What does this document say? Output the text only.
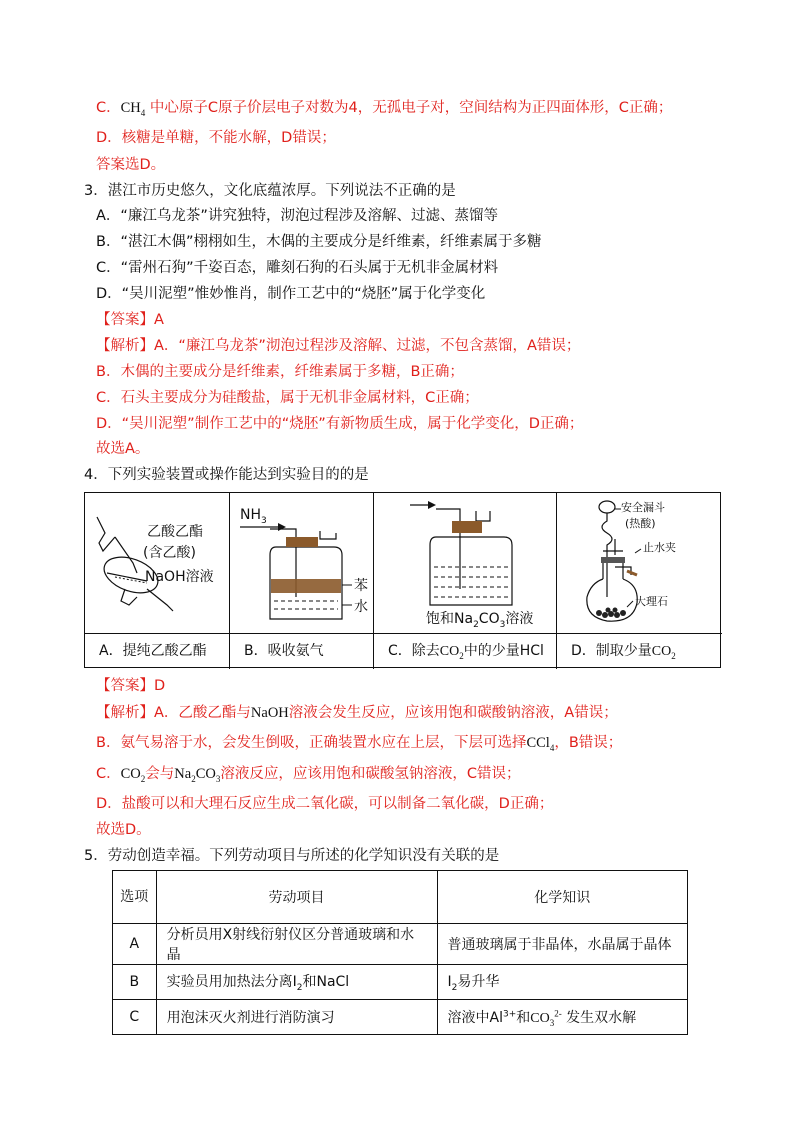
C．$CH_4$ 中心原子C原子价层电子对数为4，无孤电子对，空间结构为正四面体形，C正确；
D．核糖是单糖，不能水解，D错误；
答案选D。
3．湛江市历史悠久，文化底蕴浓厚。下列说法不正确的是
A．“廉江乌龙茶”讲究独特，沏泡过程涉及溶解、过滤、蒸馏等
B．“湛江木偶”栩栩如生，木偶的主要成分是纤维素，纤维素属于多糖
C．“雷州石狗”千姿百态，雕刻石狗的石头属于无机非金属材料
D．“吴川泥塑”惟妙惟肖，制作工艺中的“烧胚”属于化学变化
【答案】A
【解析】A．“廉江乌龙茶”沏泡过程涉及溶解、过滤，不包含蒸馏，A错误；
B．木偶的主要成分是纤维素，纤维素属于多糖，B正确；
C．石头主要成分为硅酸盐，属于无机非金属材料，C正确；
D．“吴川泥塑”制作工艺中的“烧胚”有新物质生成，属于化学变化，D正确；
故选A。
4．下列实验装置或操作能达到实验目的的是
乙酸乙酯
(含乙酸)
NaOH溶液
A．提纯乙酸乙酯
$NH_3$
苯
水
B．吸收氨气
饱和$Na_2CO_3$溶液
C．除去$CO_2$中的少量HCl
安全漏斗
(热酸)
止水夹
大理石
D．制取少量$CO_2$
【答案】D
【解析】A．乙酸乙酯与NaOH溶液会发生反应，应该用饱和碳酸钠溶液，A错误；
B．氨气易溶于水，会发生倒吸，正确装置水应在上层，下层可选择CCl$_4$，B错误；
C．$CO_2$会与$Na_2CO_3$溶液反应，应该用饱和碳酸氢钠溶液，C错误；
D．盐酸可以和大理石反应生成二氧化碳，可以制备二氧化碳，D正确；
故选D。
5．劳动创造幸福。下列劳动项目与所述的化学知识没有关联的是
选项	劳动项目	化学知识
A	分析员用X射线衍射仪区分普通玻璃和水晶	普通玻璃属于非晶体，水晶属于晶体
B	实验员用加热法分离$I_2$和NaCl	$I_2$易升华
C	用泡沫灭火剂进行消防演习	溶液中$Al^{3+}$和$CO_3^{2-}$ 发生双水解
